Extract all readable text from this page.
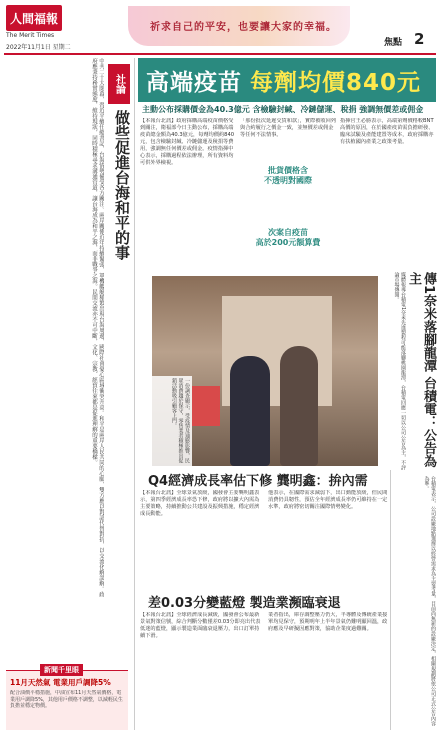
人間福報
The Merit Times
2022年11月1日 星期二
祈求自己的平安，也要讓大家的幸福。
焦點 2
中共二十大閉幕，習近平續任總書記，台海情勢備受各方關注。兩岸關係近年持續緊張，軍機艦艇頻繁出現台海周邊，國際社會憂心區域衝突升高。和平是兩岸人民共同的心願，雙方應以對話代替對抗，以交流化解誤解。政府應秉持務實態度，維持現狀，同時積極尋求溝通管道，讓台海成為和平之海，而非戰爭之海。民間交流亦不可中斷，文化、宗教、經貿往來都是促進理解的重要橋樑。	社論
做些促進台海和平的事
新聞千里眼
11月天然氣 電業用戶調降5%
配合油價平穩措施，中油宣布11月天然氣價格，電業用戶調降5%，其他用戶價格不調整，以減輕民生負擔並穩定物價。
高端疫苗 每劑均價840元
主動公布採購價金為40.3億元 含檢驗封緘、冷鏈儲運、稅捐 強調無價差或佣金
【本報台北訊】政府採購高端疫苗價格受到關注，衛福部今日主動公布，採購高端疫苗總金額為40.3億元，每劑均價約840元，包含檢驗封緘、冷鏈儲運及稅捐等費用，強調無任何價差或佣金。疫情指揮中心表示，採購過程依法辦理，所有資料均可供外界檢視。
「那份批次延遲交貨和款」，實際被收回列與合約履行之價金一致，並無價差或佣金等任何不法情事。
批貨價格含
不透明對國際
次案自疫苗
高於200元額算費
指揮官王必勝表示，高端第劑價格較BNT高價的原因，在於國產疫苗需負擔研發、臨床試驗及產能建置等成本，政府採購亦有扶植國內產業之政策考量。
一份調查顯示，受疫情及通膨影響，民眾消費趨於保守，零售業者積極推出促銷活動吸引顧客上門。	傳1奈米落腳龍潭 台積電：公告為主
媒體報導台積電1奈米先進製程可能落腳桃園龍潭，台積電回應一切以公司公告為主，不評論市場傳聞。
Q4經濟成長率估下修 龔明鑫：拚內需
【本報台北訊】全球景氣放緩，國發會主委龔明鑫表示，第四季經濟成長率恐下修，政府將以擴大內需為主要策略，持續推動公共建設及振興措施，穩定經濟成長動能。
他表示，在國際需求減弱下，出口動能放緩，但民間消費仍具韌性，預估全年經濟成長率仍可維持在一定水準，政府將密切關注國際情勢變化。
差0.03分變藍燈 製造業瀕臨衰退
【本報台北訊】全球經濟成長減緩，國發會公布最新景氣對策信號，綜合判斷分數僅差0.03分即亮出代表低迷的藍燈，顯示製造業面臨衰退壓力，出口訂單持續下滑。
業者指出，庫存調整壓力仍大，半導體及傳統產業接單均見保守，預期明年上半年景氣仍難明顯回溫，政府應及早研擬因應對策，協助企業度過難關。	台積電表示，公司設廠地點選擇以經營需求為主要考量，目前尚無新的設廠決定，相關規劃將依公司正式公告內容為準。
